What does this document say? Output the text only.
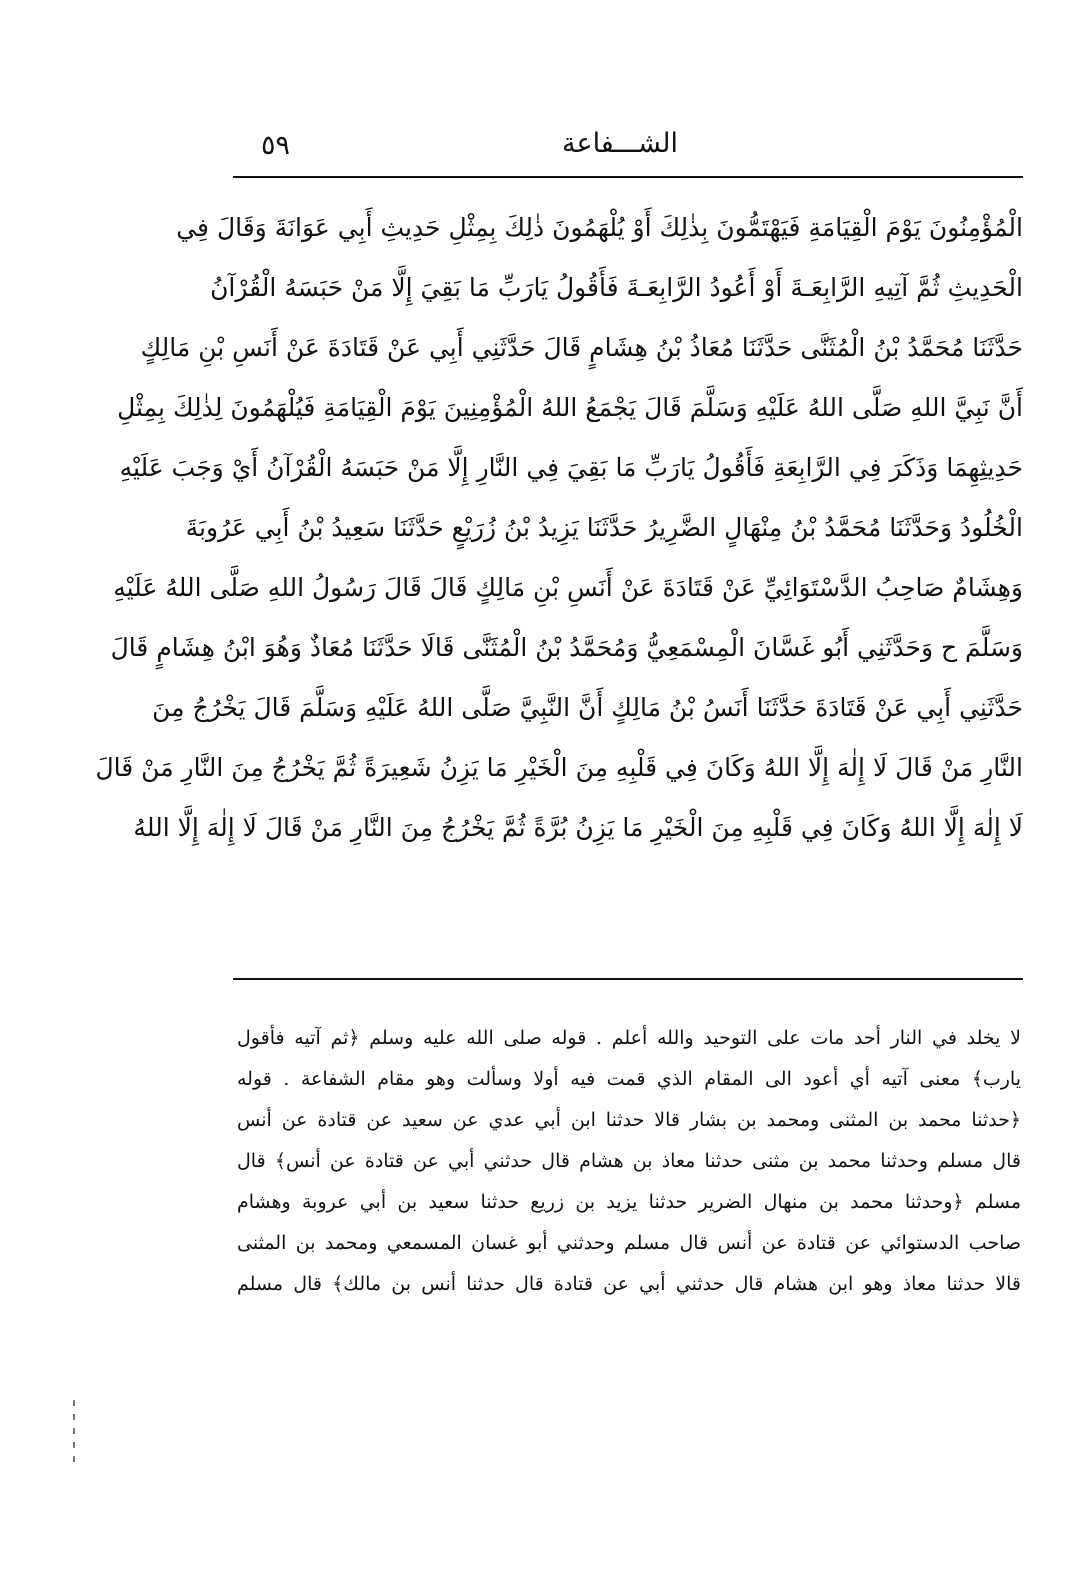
الشـــفاعة
٥٩
الْمُؤْمِنُونَ يَوْمَ الْقِيَامَةِ فَيَهْتَمُّونَ بِذٰلِكَ أَوْ يُلْهَمُونَ ذٰلِكَ بِمِثْلِ حَدِيثِ أَبِي عَوَانَةَ وَقَالَ فِي
الْحَدِيثِ ثُمَّ آتِيهِ الرَّابِعَـةَ أَوْ أَعُودُ الرَّابِعَـةَ فَأَقُولُ يَارَبِّ مَا بَقِيَ إِلَّا مَنْ حَبَسَهُ الْقُرْآنُ
حَدَّثَنَا مُحَمَّدُ بْنُ الْمُثَنَّى حَدَّثَنَا مُعَاذُ بْنُ هِشَامٍ قَالَ حَدَّثَنِي أَبِي عَنْ قَتَادَةَ عَنْ أَنَسِ بْنِ مَالِكٍ
أَنَّ نَبِيَّ اللهِ صَلَّى اللهُ عَلَيْهِ وَسَلَّمَ قَالَ يَجْمَعُ اللهُ الْمُؤْمِنِينَ يَوْمَ الْقِيَامَةِ فَيُلْهَمُونَ لِذٰلِكَ بِمِثْلِ
حَدِيثِهِمَا وَذَكَرَ فِي الرَّابِعَةِ فَأَقُولُ يَارَبِّ مَا بَقِيَ فِي النَّارِ إِلَّا مَنْ حَبَسَهُ الْقُرْآنُ أَيْ وَجَبَ عَلَيْهِ
الْخُلُودُ وَحَدَّثَنَا مُحَمَّدُ بْنُ مِنْهَالٍ الضَّرِيرُ حَدَّثَنَا يَزِيدُ بْنُ زُرَيْعٍ حَدَّثَنَا سَعِيدُ بْنُ أَبِي عَرُوبَةَ
وَهِشَامٌ صَاحِبُ الدَّسْتَوَائِيِّ عَنْ قَتَادَةَ عَنْ أَنَسِ بْنِ مَالِكٍ قَالَ قَالَ رَسُولُ اللهِ صَلَّى اللهُ عَلَيْهِ
وَسَلَّمَ ح وَحَدَّثَنِي أَبُو غَسَّانَ الْمِسْمَعِيُّ وَمُحَمَّدُ بْنُ الْمُثَنَّى قَالَا حَدَّثَنَا مُعَاذٌ وَهُوَ ابْنُ هِشَامٍ قَالَ
حَدَّثَنِي أَبِي عَنْ قَتَادَةَ حَدَّثَنَا أَنَسُ بْنُ مَالِكٍ أَنَّ النَّبِيَّ صَلَّى اللهُ عَلَيْهِ وَسَلَّمَ قَالَ يَخْرُجُ مِنَ
النَّارِ مَنْ قَالَ لَا إِلٰهَ إِلَّا اللهُ وَكَانَ فِي قَلْبِهِ مِنَ الْخَيْرِ مَا يَزِنُ شَعِيرَةً ثُمَّ يَخْرُجُ مِنَ النَّارِ مَنْ قَالَ
لَا إِلٰهَ إِلَّا اللهُ وَكَانَ فِي قَلْبِهِ مِنَ الْخَيْرِ مَا يَزِنُ بُرَّةً ثُمَّ يَخْرُجُ مِنَ النَّارِ مَنْ قَالَ لَا إِلٰهَ إِلَّا اللهُ
لا يخلد في النار أحد مات على التوحيد والله أعلم . قوله صلى الله عليه وسلم ﴿ثم آتيه فأقول
يارب﴾ معنى آتيه أي أعود الى المقام الذي قمت فيه أولا وسألت وهو مقام الشفاعة . قوله
﴿حدثنا محمد بن المثنى ومحمد بن بشار قالا حدثنا ابن أبي عدي عن سعيد عن قتادة عن أنس
قال مسلم وحدثنا محمد بن مثنى حدثنا معاذ بن هشام قال حدثني أبي عن قتادة عن أنس﴾ قال
مسلم ﴿وحدثنا محمد بن منهال الضرير حدثنا يزيد بن زريع حدثنا سعيد بن أبي عروبة وهشام
صاحب الدستوائي عن قتادة عن أنس قال مسلم وحدثني أبو غسان المسمعي ومحمد بن المثنى
قالا حدثنا معاذ وهو ابن هشام قال حدثني أبي عن قتادة قال حدثنا أنس بن مالك﴾ قال مسلم
